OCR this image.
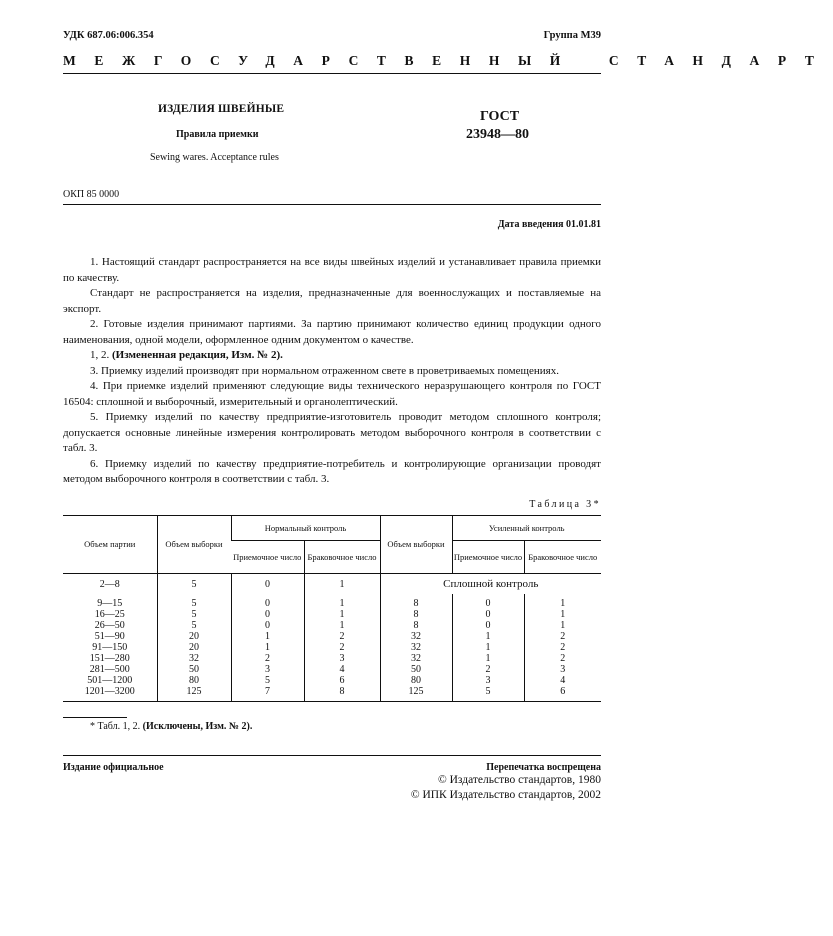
УДК 687.06:006.354	Группа М39
МЕЖГОСУДАРСТВЕННЫЙ СТАНДАРТ
ИЗДЕЛИЯ ШВЕЙНЫЕ
Правила приемки
Sewing wares. Acceptance rules
ГОСТ
23948—80
ОКП 85 0000
Дата введения 01.01.81

1. Настоящий стандарт распространяется на все виды швейных изделий и устанавливает правила приемки по качеству.

Стандарт не распространяется на изделия, предназначенные для военнослужащих и поставляемые на экспорт.

2. Готовые изделия принимают партиями. За партию принимают количество единиц продукции одного наименования, одной модели, оформленное одним документом о качестве.

1, 2. (Измененная редакция, Изм. № 2).

3. Приемку изделий производят при нормальном отраженном свете в проветриваемых помещениях.

4. При приемке изделий применяют следующие виды технического неразрушающего контроля по ГОСТ 16504: сплошной и выборочный, измерительный и органолептический.

5. Приемку изделий по качеству предприятие-изготовитель проводит методом сплошного контроля; допускается основные линейные измерения контролировать методом выборочного контроля в соответствии с табл. 3.

6. Приемку изделий по качеству предприятие-потребитель и контролирующие организации проводят методом выборочного контроля в соответствии с табл. 3.

Таблица 3*
Объем партии	Объем выборки	Нормальный контроль		Объем выборки	Усиленный контроль	
		Приемочное число	Браковочное число		Приемочное число	Браковочное число
2—8	5	0	1	Сплошной контроль		
9—15	5	0	1	8	0	1
16—25	5	0	1	8	0	1
26—50	5	0	1	8	0	1
51—90	20	1	2	32	1	2
91—150	20	1	2	32	1	2
151—280	32	2	3	32	1	2
281—500	50	3	4	50	2	3
501—1200	80	5	6	80	3	4
1201—3200	125	7	8	125	5	6
* Табл. 1, 2. (Исключены, Изм. № 2).
Издание официальное	Перепечатка воспрещена
© Издательство стандартов, 1980
© ИПК Издательство стандартов, 2002
